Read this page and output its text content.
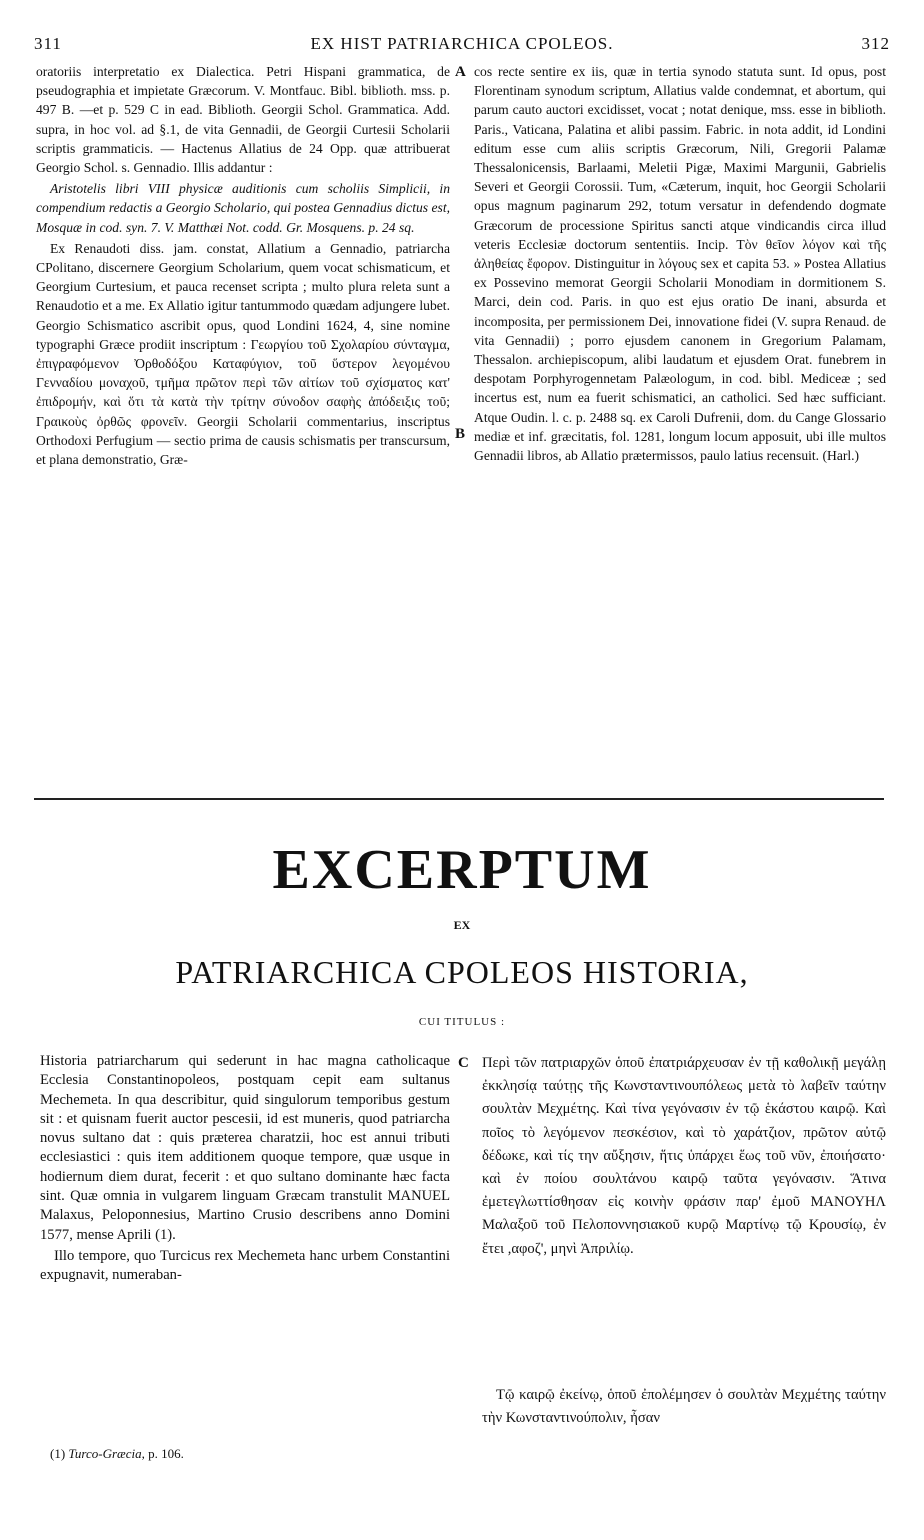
311	EX HIST PATRIARCHICA CPOLEOS.	312
A
B
C

oratoriis interpretatio ex Dialectica. Petri Hispani grammatica, de pseudographia et impietate Græcorum. V. Montfauc. Bibl. biblioth. mss. p. 497 B. —et p. 529 C in ead. Biblioth. Georgii Schol. Grammatica. Add. supra, in hoc vol. ad §.1, de vita Gennadii, de Georgii Curtesii Scholarii scriptis grammaticis. — Hactenus Allatius de 24 Opp. quæ attribuerat Georgio Schol. s. Gennadio. Illis addantur :

Aristotelis libri VIII physicæ auditionis cum scholiis Simplicii, in compendium redactis a Georgio Scholario, qui postea Gennadius dictus est, Mosquæ in cod. syn. 7. V. Matthæi Not. codd. Gr. Mosquens. p. 24 sq.

Ex Renaudoti diss. jam. constat, Allatium a Gennadio, patriarcha CPolitano, discernere Georgium Scholarium, quem vocat schismaticum, et Georgium Curtesium, et pauca recenset scripta ; multo plura releta sunt a Renaudotio et a me. Ex Allatio igitur tantummodo quædam adjungere lubet. Georgio Schismatico ascribit opus, quod Londini 1624, 4, sine nomine typographi Græce prodiit inscriptum : Γεωργίου τοῦ Σχολαρίου σύνταγμα, ἐπιγραφόμενον Ὀρθοδόξου Καταφύγιον, τοῦ ὕστερον λεγομένου Γενναδίου μοναχοῦ, τμῆμα πρῶτον περὶ τῶν αἰτίων τοῦ σχίσματος κατ' ἐπιδρομήν, καὶ ὅτι τὰ κατὰ τὴν τρίτην σύνοδον σαφὴς ἀπόδειξις τοῦ; Γραικοὺς ὀρθῶς φρονεῖν. Georgii Scholarii commentarius, inscriptus Orthodoxi Perfugium — sectio prima de causis schismatis per transcursum, et plana demonstratio, Græ-

cos recte sentire ex iis, quæ in tertia synodo statuta sunt. Id opus, post Florentinam synodum scriptum, Allatius valde condemnat, et abortum, qui parum cauto auctori excidisset, vocat ; notat denique, mss. esse in biblioth. Paris., Vaticana, Palatina et alibi passim. Fabric. in nota addit, id Londini editum esse cum aliis scriptis Græcorum, Nili, Gregorii Palamæ Thessalonicensis, Barlaami, Meletii Pigæ, Maximi Margunii, Gabrielis Severi et Georgii Corossii. Tum, «Cæterum, inquit, hoc Georgii Scholarii opus magnum paginarum 292, totum versatur in defendendo dogmate Græcorum de processione Spiritus sancti atque vindicandis circa illud veteris Ecclesiæ doctorum sententiis. Incip. Τὸν θεῖον λόγον καὶ τῆς ἀληθείας ἔφορον. Distinguitur in λόγους sex et capita 53. » Postea Allatius ex Possevino memorat Georgii Scholarii Monodiam in dormitionem S. Marci, dein cod. Paris. in quo est ejus oratio De inani, absurda et incomposita, per permissionem Dei, innovatione fidei (V. supra Renaud. de vita Gennadii) ; porro ejusdem canonem in Gregorium Palamam, Thessalon. archiepiscopum, alibi laudatum et ejusdem Orat. funebrem in despotam Porphyrogennetam Palæologum, in cod. bibl. Mediceæ ; sed incertus est, num ea fuerit schismatici, an catholici. Sed hæc sufficiant. Atque Oudin. l. c. p. 2488 sq. ex Caroli Dufrenii, dom. du Cange Glossario mediæ et inf. græcitatis, fol. 1281, longum locum apposuit, ubi ille multos Gennadii libros, ab Allatio prætermissos, paulo latius recensuit. (Harl.)

EXCERPTUM
EX
PATRIARCHICA CPOLEOS HISTORIA,
CUI TITULUS :

Historia patriarcharum qui sederunt in hac magna catholicaque Ecclesia Constantinopoleos, postquam cepit eam sultanus Mechemeta. In qua describitur, quid singulorum temporibus gestum sit : et quisnam fuerit auctor pescesii, id est muneris, quod patriarcha novus sultano dat : quis præterea charatzii, hoc est annui tributi ecclesiastici : quis item additionem quoque tempore, quæ usque in hodiernum diem durat, fecerit : et quo sultano dominante hæc facta sint. Quæ omnia in vulgarem linguam Græcam transtulit MANUEL Malaxus, Peloponnesius, Martino Crusio describens anno Domini 1577, mense Aprili (1).

Illo tempore, quo Turcicus rex Mechemeta hanc urbem Constantini expugnavit, numeraban-

Περὶ τῶν πατριαρχῶν ὁποῦ ἐπατριάρχευσαν ἐν τῇ καθολικῇ μεγάλῃ ἐκκλησίᾳ ταύτῃς τῆς Κωνσταντινουπόλεως μετὰ τὸ λαβεῖν ταύτην σουλτὰν Μεχμέτης. Καὶ τίνα γεγόνασιν ἐν τῷ ἑκάστου καιρῷ. Καὶ ποῖος τὸ λεγόμενον πεσκέσιον, καὶ τὸ χαράτζιον, πρῶτον αὐτῷ δέδωκε, καὶ τίς την αὔξησιν, ἥτις ὑπάρχει ἕως τοῦ νῦν, ἐποιήσατο· καὶ ἐν ποίου σουλτάνου καιρῷ ταῦτα γεγόνασιν. Ἅτινα ἐμετεγλωττίσθησαν εἰς κοινὴν φράσιν παρ' ἐμοῦ ΜΑΝΟΥΗΛ Μαλαξοῦ τοῦ Πελοποννησιακοῦ κυρῷ Μαρτίνῳ τῷ Κρουσίῳ, ἐν ἔτει ,αφοζ', μηνὶ Ἀπριλίῳ.

Τῷ καιρῷ ἐκείνῳ, ὁποῦ ἐπολέμησεν ὁ σουλτὰν Μεχμέτης ταύτην τὴν Κωνσταντινούπολιν, ἦσαν

(1) Turco-Græcia, p. 106.
